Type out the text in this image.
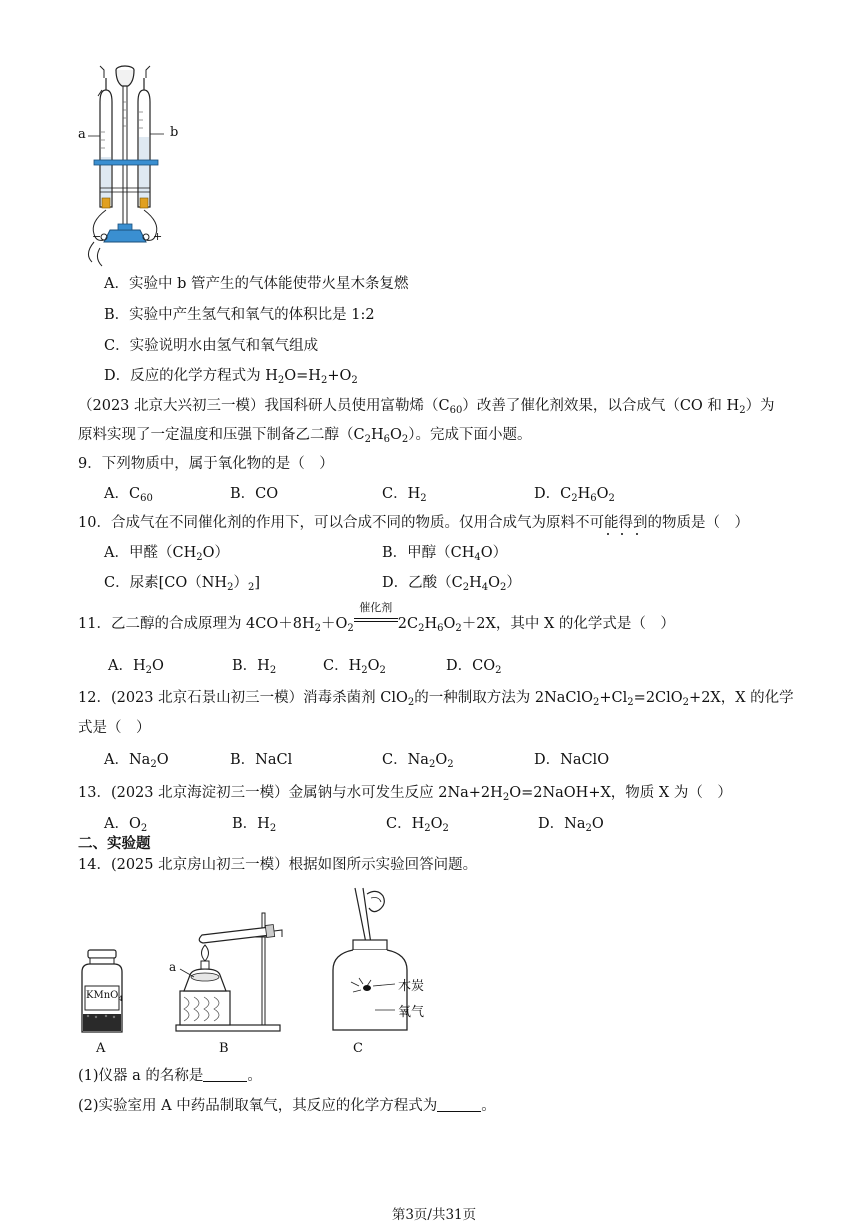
a	b
−	+
A．实验中 b 管产生的气体能使带火星木条复燃
B．实验中产生氢气和氧气的体积比是 1:2
C．实验说明水由氢气和氧气组成
D．反应的化学方程式为 $H_2O=H_2+O_2$
（2023 北京大兴初三一模）我国科研人员使用富勒烯$(C_{60})$改善了催化剂效果，以合成气（CO 和 $H_2$）为
原料实现了一定温度和压强下制备乙二醇$(C_2H_6O_2)$。完成下面小题。
9．下列物质中，属于氧化物的是（　）
A．$C_{60}$	B．CO	C．$H_2$	D．$C_2H_6O_2$
10．合成气在不同催化剂的作用下，可以合成不同的物质。仅用合成气为原料不可能得到的物质是（　）
A．甲醛$(CH_2O)$	B．甲醇$(CH_4O)$
C．尿素$[CO(NH_2)_2]$	D．乙酸$(C_2H_4O_2)$
11．乙二醇的合成原理为 $4CO+8H_2+O_2$
催化剂
$2C_2H_6O_2+2X$，其中 X 的化学式是（　）
A．$H_2O$	B．$H_2$	C．$H_2O_2$	D．$CO_2$
12．(2023 北京石景山初三一模）消毒杀菌剂 ClO$_2$的一种制取方法为 $2NaClO_2+Cl_2=2ClO_2+2X$，X 的化学
式是（　）
A．$Na_2O$	B．NaCl	C．$Na_2O_2$	D．NaClO
13．(2023 北京海淀初三一模）金属钠与水可发生反应 $2Na+2H_2O=2NaOH+X$，物质 X 为（　）
A．$O_2$	B．$H_2$	C．$H_2O_2$	D．$Na_2O$
二、实验题
14．(2025 北京房山初三一模）根据如图所示实验回答问题。
KMnO$_4$
a
木炭
氧气
A	B	C
(1)仪器 a 的名称是	。
(2)实验室用 A 中药品制取氧气，其反应的化学方程式为	。
第3页/共31页
